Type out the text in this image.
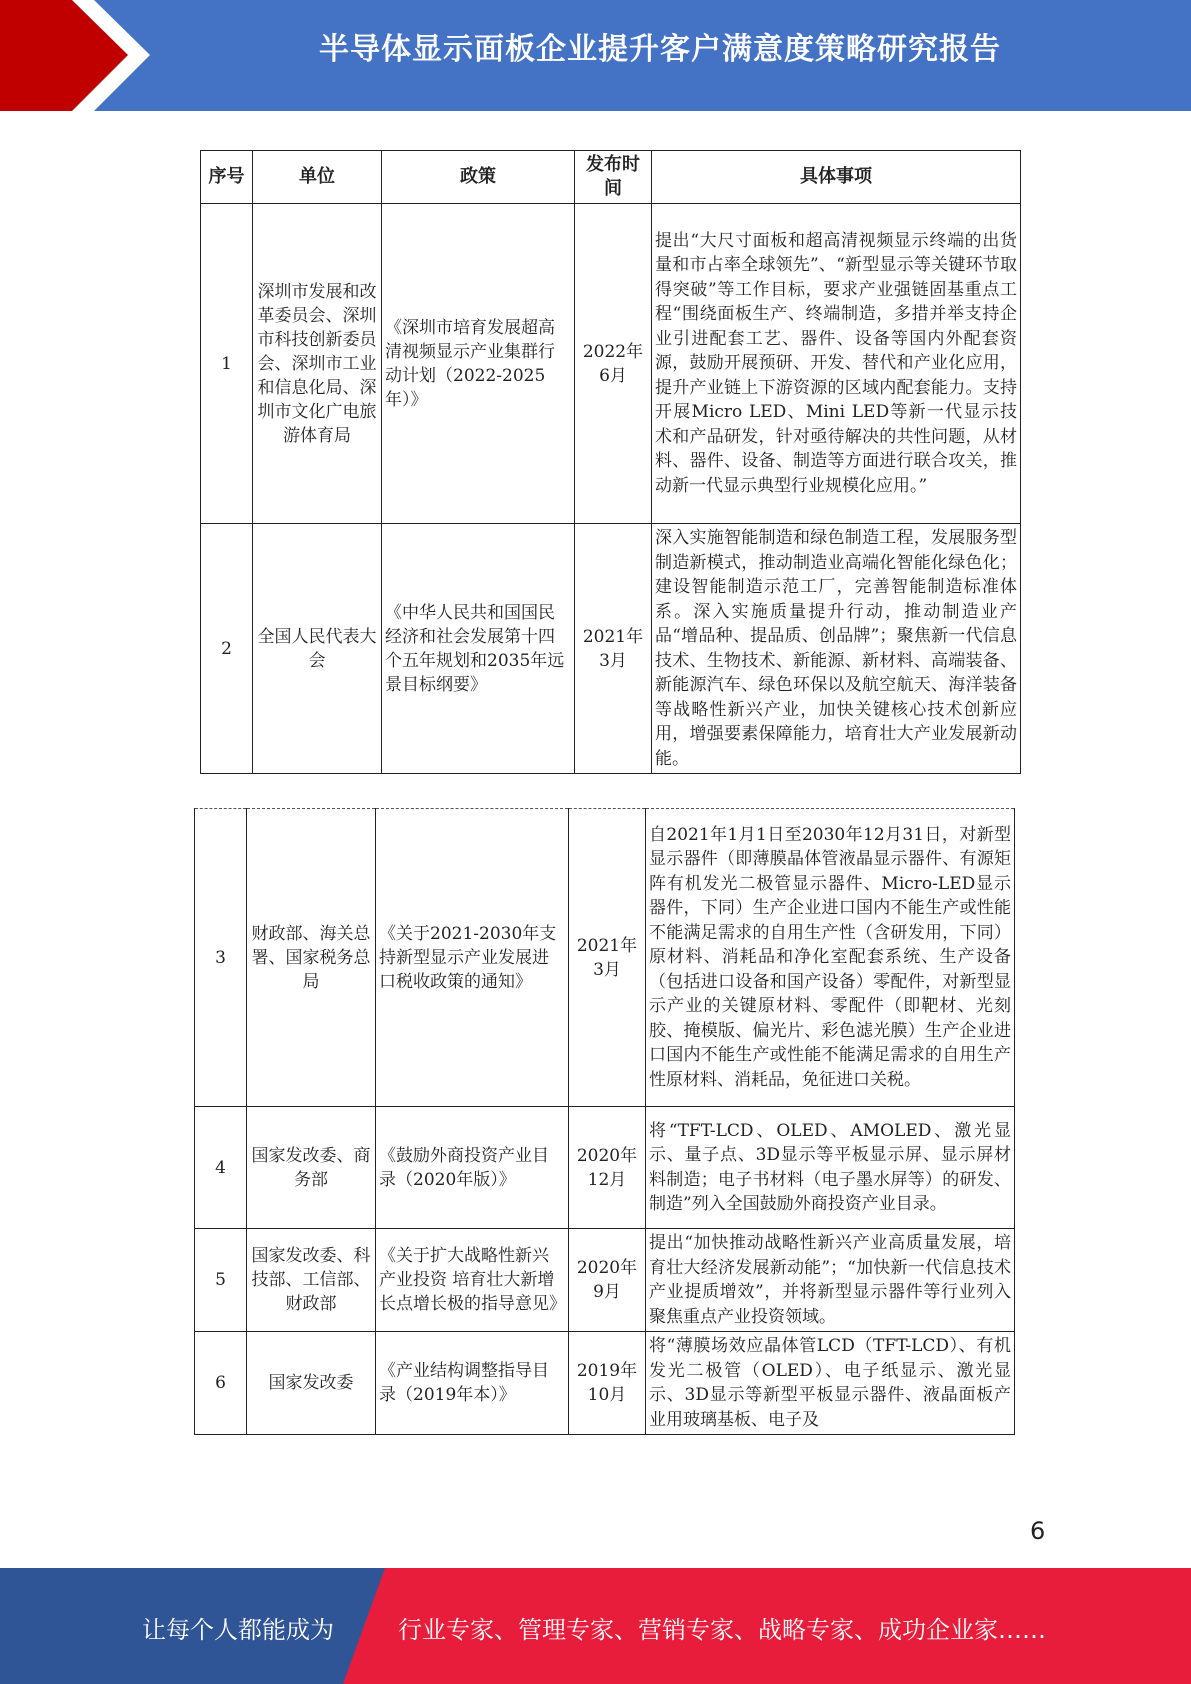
半导体显示面板企业提升客户满意度策略研究报告
序号	单位	政策	发布时间	具体事项
1	深圳市发展和改革委员会、深圳市科技创新委员会、深圳市工业和信息化局、深圳市文化广电旅游体育局	《深圳市培育发展超高清视频显示产业集群行动计划（2022-2025年）》	2022年6月	提出“大尺寸面板和超高清视频显示终端的出货量和市占率全球领先”、“新型显示等关键环节取得突破”等工作目标，要求产业强链固基重点工程“围绕面板生产、终端制造，多措并举支持企业引进配套工艺、器件、设备等国内外配套资源，鼓励开展预研、开发、替代和产业化应用，提升产业链上下游资源的区域内配套能力。支持开展Micro LED、Mini LED等新一代显示技术和产品研发，针对亟待解决的共性问题，从材料、器件、设备、制造等方面进行联合攻关，推动新一代显示典型行业规模化应用。”
2	全国人民代表大会	《中华人民共和国国民经济和社会发展第十四个五年规划和2035年远景目标纲要》	2021年3月	深入实施智能制造和绿色制造工程，发展服务型制造新模式，推动制造业高端化智能化绿色化；建设智能制造示范工厂，完善智能制造标准体系。深入实施质量提升行动，推动制造业产品“增品种、提品质、创品牌”；聚焦新一代信息技术、生物技术、新能源、新材料、高端装备、新能源汽车、绿色环保以及航空航天、海洋装备等战略性新兴产业，加快关键核心技术创新应用，增强要素保障能力，培育壮大产业发展新动能。
3	财政部、海关总署、国家税务总局	《关于2021-2030年支持新型显示产业发展进口税收政策的通知》	2021年3月	自2021年1月1日至2030年12月31日，对新型显示器件（即薄膜晶体管液晶显示器件、有源矩阵有机发光二极管显示器件、Micro-LED显示器件，下同）生产企业进口国内不能生产或性能不能满足需求的自用生产性（含研发用，下同）原材料、消耗品和净化室配套系统、生产设备（包括进口设备和国产设备）零配件，对新型显示产业的关键原材料、零配件（即靶材、光刻胶、掩模版、偏光片、彩色滤光膜）生产企业进口国内不能生产或性能不能满足需求的自用生产性原材料、消耗品，免征进口关税。
4	国家发改委、商务部	《鼓励外商投资产业目录（2020年版）》	2020年12月	将“TFT-LCD、OLED、AMOLED、激光显示、量子点、3D显示等平板显示屏、显示屏材料制造；电子书材料（电子墨水屏等）的研发、制造”列入全国鼓励外商投资产业目录。
5	国家发改委、科技部、工信部、财政部	《关于扩大战略性新兴产业投资 培育壮大新增长点增长极的指导意见》	2020年9月	提出“加快推动战略性新兴产业高质量发展，培育壮大经济发展新动能”；“加快新一代信息技术产业提质增效”，并将新型显示器件等行业列入聚焦重点产业投资领域。
6	国家发改委	《产业结构调整指导目录（2019年本）》	2019年10月	将“薄膜场效应晶体管LCD（TFT-LCD）、有机发光二极管（OLED）、电子纸显示、激光显示、3D显示等新型平板显示器件、液晶面板产业用玻璃基板、电子及
6
让每个人都能成为	行业专家、管理专家、营销专家、战略专家、成功企业家……
